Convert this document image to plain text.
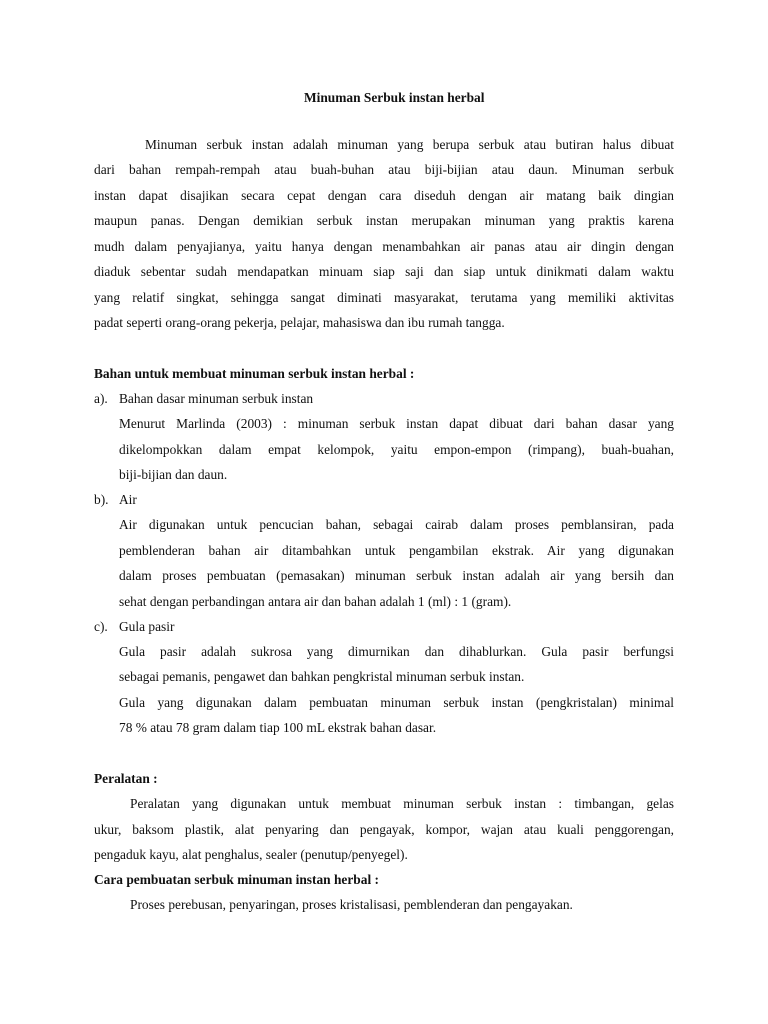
Minuman Serbuk instan herbal
Minuman serbuk instan adalah minuman yang berupa serbuk atau butiran halus dibuat
dari bahan rempah-rempah atau buah-buhan atau biji-bijian atau daun. Minuman serbuk
instan dapat disajikan secara cepat dengan cara diseduh dengan air matang baik dingian
maupun panas. Dengan demikian serbuk instan merupakan minuman yang praktis karena
mudh dalam penyajianya, yaitu hanya dengan menambahkan air panas atau air dingin dengan
diaduk sebentar sudah mendapatkan minuam siap saji dan siap untuk dinikmati dalam waktu
yang relatif singkat, sehingga sangat diminati masyarakat, terutama yang memiliki aktivitas
padat seperti orang-orang pekerja, pelajar, mahasiswa dan ibu rumah tangga.
Bahan untuk membuat minuman serbuk instan herbal :
a). Bahan dasar minuman serbuk instan
Menurut Marlinda (2003) : minuman serbuk instan dapat dibuat dari bahan dasar yang
dikelompokkan dalam empat kelompok, yaitu empon-empon (rimpang), buah-buahan,
biji-bijian dan daun.
b). Air
Air digunakan untuk pencucian bahan, sebagai cairab dalam proses pemblansiran, pada
pemblenderan bahan air ditambahkan untuk pengambilan ekstrak. Air yang digunakan
dalam proses pembuatan (pemasakan) minuman serbuk instan adalah air yang bersih dan
sehat dengan perbandingan antara air dan bahan adalah 1 (ml) : 1 (gram).
c). Gula pasir
Gula pasir adalah sukrosa yang dimurnikan dan dihablurkan. Gula pasir berfungsi
sebagai pemanis, pengawet dan bahkan pengkristal minuman serbuk instan.
Gula yang digunakan dalam pembuatan minuman serbuk instan (pengkristalan) minimal
78 % atau 78 gram dalam tiap 100 mL ekstrak bahan dasar.
Peralatan :
Peralatan yang digunakan untuk membuat minuman serbuk instan : timbangan, gelas
ukur, baksom plastik, alat penyaring dan pengayak, kompor, wajan atau kuali penggorengan,
pengaduk kayu, alat penghalus, sealer (penutup/penyegel).
Cara pembuatan serbuk minuman instan herbal :
Proses perebusan, penyaringan, proses kristalisasi, pemblenderan dan pengayakan.
